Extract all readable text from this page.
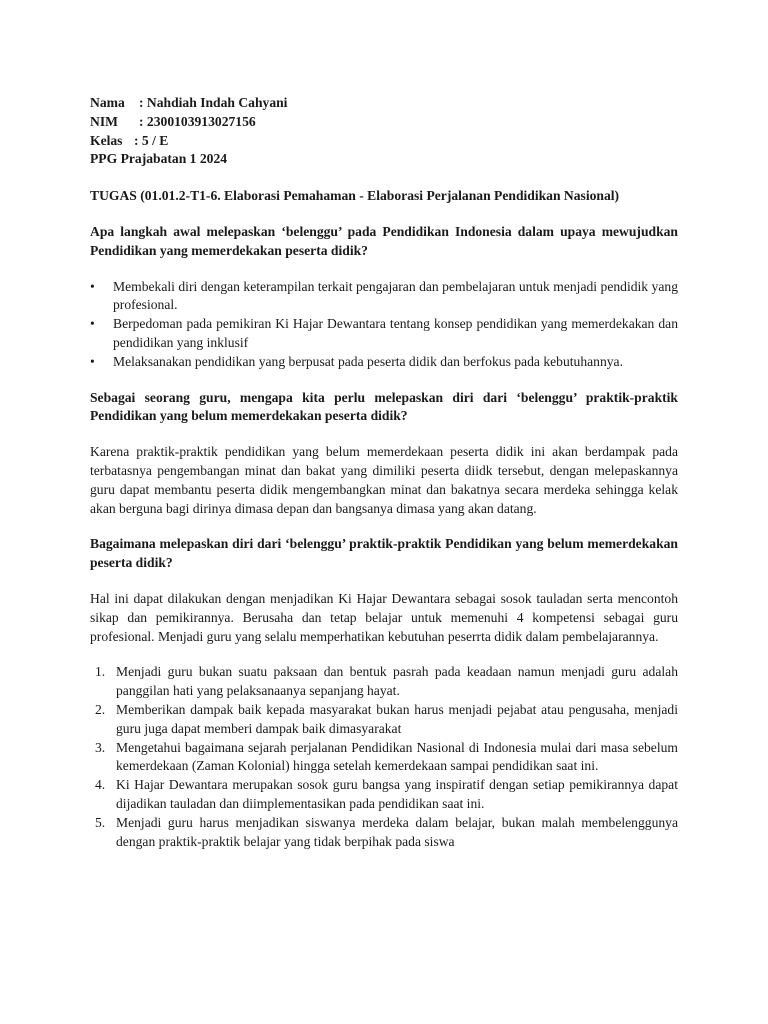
Nama : Nahdiah Indah Cahyani

NIM : 2300103913027156

Kelas : 5 / E

PPG Prajabatan 1 2024

TUGAS (01.01.2-T1-6. Elaborasi Pemahaman - Elaborasi Perjalanan Pendidikan Nasional)

Apa langkah awal melepaskan ‘belenggu’ pada Pendidikan Indonesia dalam upaya mewujudkan Pendidikan yang memerdekakan peserta didik?

•	Membekali diri dengan keterampilan terkait pengajaran dan pembelajaran untuk menjadi pendidik yang profesional.
•	Berpedoman pada pemikiran Ki Hajar Dewantara tentang konsep pendidikan yang memerdekakan dan pendidikan yang inklusif
•	Melaksanakan pendidikan yang berpusat pada peserta didik dan berfokus pada kebutuhannya.

Sebagai seorang guru, mengapa kita perlu melepaskan diri dari ‘belenggu’ praktik-praktik Pendidikan yang belum memerdekakan peserta didik?

Karena praktik-praktik pendidikan yang belum memerdekaan peserta didik ini akan berdampak pada terbatasnya pengembangan minat dan bakat yang dimiliki peserta diidk tersebut, dengan melepaskannya guru dapat membantu peserta didik mengembangkan minat dan bakatnya secara merdeka sehingga kelak akan berguna bagi dirinya dimasa depan dan bangsanya dimasa yang akan datang.

Bagaimana melepaskan diri dari ‘belenggu’ praktik-praktik Pendidikan yang belum memerdekakan peserta didik?

Hal ini dapat dilakukan dengan menjadikan Ki Hajar Dewantara sebagai sosok tauladan serta mencontoh sikap dan pemikirannya. Berusaha dan tetap belajar untuk memenuhi 4 kompetensi sebagai guru profesional. Menjadi guru yang selalu memperhatikan kebutuhan peserrta didik dalam pembelajarannya.

1. Menjadi guru bukan suatu paksaan dan bentuk pasrah pada keadaan namun menjadi guru adalah panggilan hati yang pelaksanaanya sepanjang hayat.
2. Memberikan dampak baik kepada masyarakat bukan harus menjadi pejabat atau pengusaha, menjadi guru juga dapat memberi dampak baik dimasyarakat
3. Mengetahui bagaimana sejarah perjalanan Pendidikan Nasional di Indonesia mulai dari masa sebelum kemerdekaan (Zaman Kolonial) hingga setelah kemerdekaan sampai pendidikan saat ini.
4. Ki Hajar Dewantara merupakan sosok guru bangsa yang inspiratif dengan setiap pemikirannya dapat dijadikan tauladan dan diimplementasikan pada pendidikan saat ini.
5. Menjadi guru harus menjadikan siswanya merdeka dalam belajar, bukan malah membelenggunya dengan praktik-praktik belajar yang tidak berpihak pada siswa
